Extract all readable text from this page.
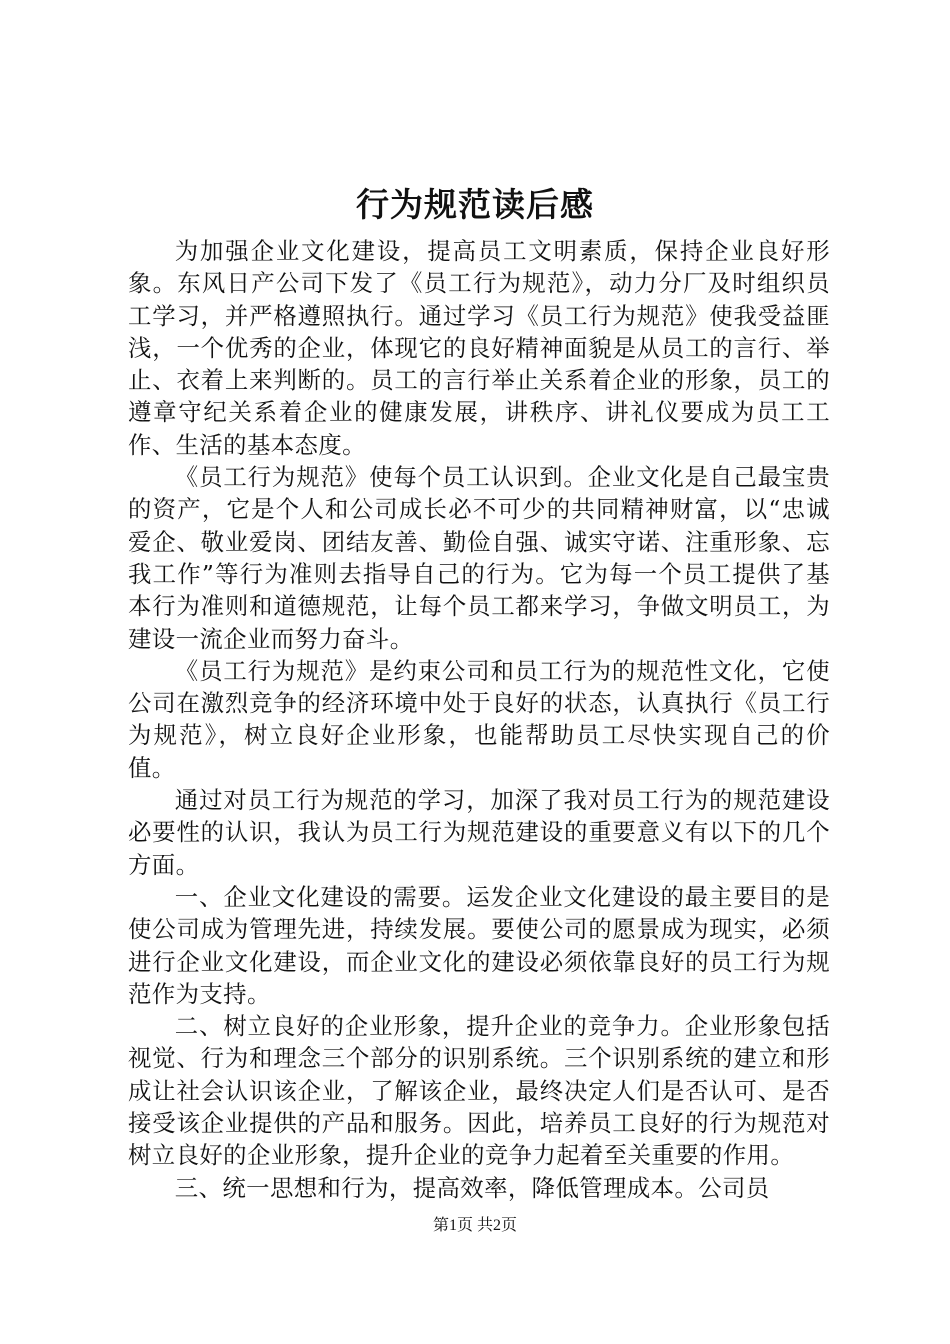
行为规范读后感

为加强企业文化建设，提高员工文明素质，保持企业良好形象。东风日产公司下发了《员工行为规范》，动力分厂及时组织员工学习，并严格遵照执行。通过学习《员工行为规范》使我受益匪浅，一个优秀的企业，体现它的良好精神面貌是从员工的言行、举止、衣着上来判断的。员工的言行举止关系着企业的形象，员工的遵章守纪关系着企业的健康发展，讲秩序、讲礼仪要成为员工工作、生活的基本态度。

《员工行为规范》使每个员工认识到。企业文化是自己最宝贵的资产，它是个人和公司成长必不可少的共同精神财富，以“忠诚爱企、敬业爱岗、团结友善、勤俭自强、诚实守诺、注重形象、忘我工作”等行为准则去指导自己的行为。它为每一个员工提供了基本行为准则和道德规范，让每个员工都来学习，争做文明员工，为建设一流企业而努力奋斗。

《员工行为规范》是约束公司和员工行为的规范性文化，它使公司在激烈竞争的经济环境中处于良好的状态，认真执行《员工行为规范》，树立良好企业形象，也能帮助员工尽快实现自己的价值。

通过对员工行为规范的学习，加深了我对员工行为的规范建设必要性的认识，我认为员工行为规范建设的重要意义有以下的几个方面。

一、企业文化建设的需要。运发企业文化建设的最主要目的是使公司成为管理先进，持续发展。要使公司的愿景成为现实，必须进行企业文化建设，而企业文化的建设必须依靠良好的员工行为规范作为支持。

二、树立良好的企业形象，提升企业的竞争力。企业形象包括视觉、行为和理念三个部分的识别系统。三个识别系统的建立和形成让社会认识该企业，了解该企业，最终决定人们是否认可、是否接受该企业提供的产品和服务。因此，培养员工良好的行为规范对树立良好的企业形象，提升企业的竞争力起着至关重要的作用。

三、统一思想和行为，提高效率，降低管理成本。公司员

第1页 共2页
